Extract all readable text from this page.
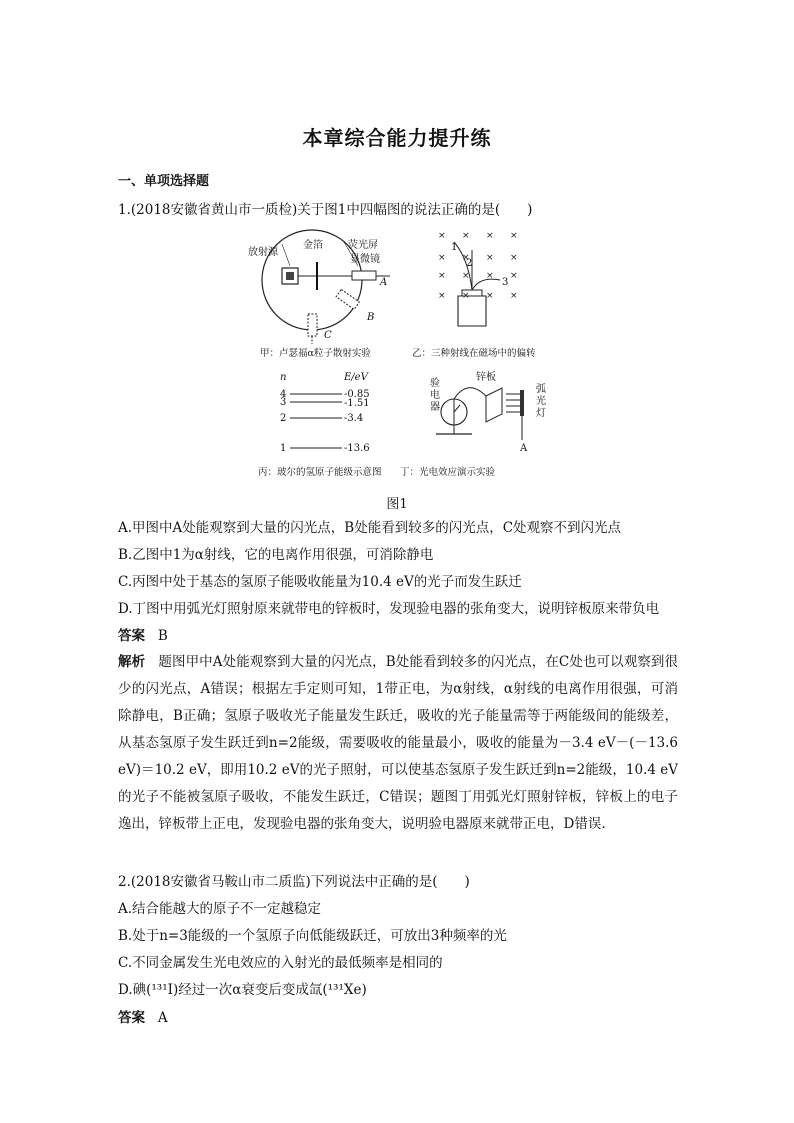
本章综合能力提升练
一、单项选择题
1.(2018安徽省黄山市一质检)关于图1中四幅图的说法正确的是(　　)
放射源
金箔	荧光屏
显微镜
A
B
C
甲：卢瑟福α粒子散射实验
× × × ×
× × × ×
× × × ×
× × × ×
1
2
3
乙：三种射线在磁场中的偏转
n	E/eV
4
3
2
1
-0.85
-1.51
-3.4
-13.6
丙：玻尔的氢原子能级示意图
验
电
器
锌板
弧
光
灯
A
丁：光电效应演示实验
图1
A.甲图中A处能观察到大量的闪光点，B处能看到较多的闪光点，C处观察不到闪光点
B.乙图中1为α射线，它的电离作用很强，可消除静电
C.丙图中处于基态的氢原子能吸收能量为10.4 eV的光子而发生跃迁
D.丁图中用弧光灯照射原来就带电的锌板时，发现验电器的张角变大，说明锌板原来带负电
答案 B
解析 题图甲中A处能观察到大量的闪光点，B处能看到较多的闪光点，在C处也可以观察到很少的闪光点，A错误；根据左手定则可知，1带正电，为α射线，α射线的电离作用很强，可消除静电，B正确；氢原子吸收光子能量发生跃迁，吸收的光子能量需等于两能级间的能级差，从基态氢原子发生跃迁到n=2能级，需要吸收的能量最小，吸收的能量为－3.4 eV－(－13.6 eV)＝10.2 eV，即用10.2 eV的光子照射，可以使基态氢原子发生跃迁到n=2能级，10.4 eV的光子不能被氢原子吸收，不能发生跃迁，C错误；题图丁用弧光灯照射锌板，锌板上的电子逸出，锌板带上正电，发现验电器的张角变大，说明验电器原来就带正电，D错误.
2.(2018安徽省马鞍山市二质监)下列说法中正确的是(　　)
A.结合能越大的原子不一定越稳定
B.处于n=3能级的一个氢原子向低能级跃迁，可放出3种频率的光
C.不同金属发生光电效应的入射光的最低频率是相同的
D.碘(¹³¹I)经过一次α衰变后变成氙(¹³¹Xe)
答案 A
